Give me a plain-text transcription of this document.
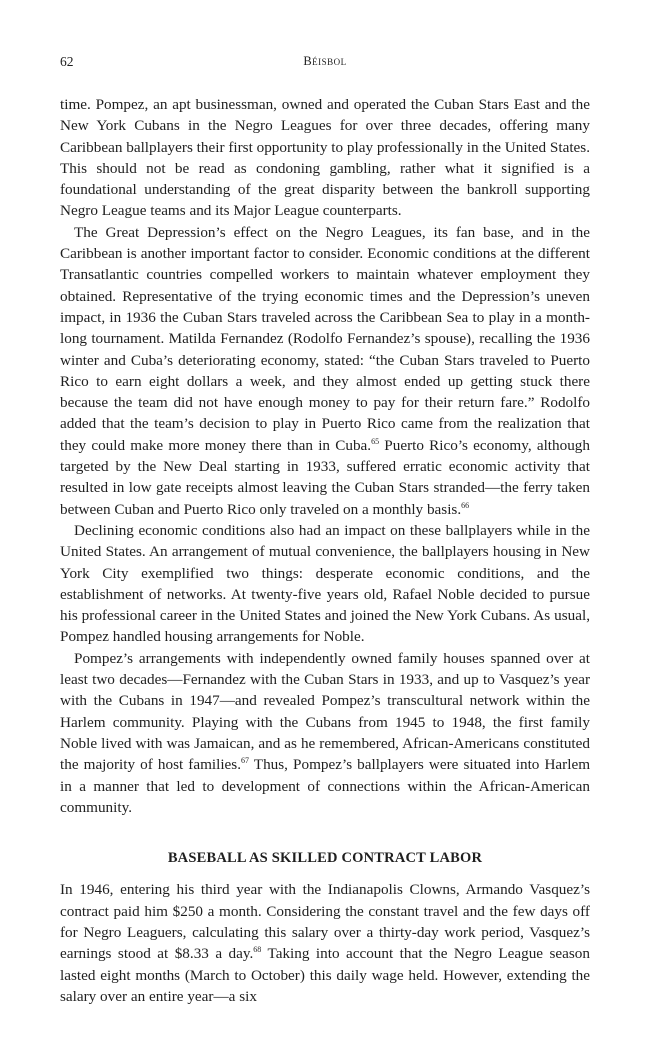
62	Béisbol

time. Pompez, an apt businessman, owned and operated the Cuban Stars East and the New York Cubans in the Negro Leagues for over three decades, offering many Caribbean ballplayers their first opportunity to play professionally in the United States. This should not be read as condoning gambling, rather what it signified is a foundational understanding of the great disparity between the bankroll supporting Negro League teams and its Major League counterparts.

The Great Depression’s effect on the Negro Leagues, its fan base, and in the Caribbean is another important factor to consider. Economic conditions at the different Transatlantic countries compelled workers to maintain whatever employment they obtained. Representative of the trying economic times and the Depression’s uneven impact, in 1936 the Cuban Stars traveled across the Caribbean Sea to play in a month-long tournament. Matilda Fernandez (Rodolfo Fernandez’s spouse), recalling the 1936 winter and Cuba’s deteriorating economy, stated: “the Cuban Stars traveled to Puerto Rico to earn eight dollars a week, and they almost ended up getting stuck there because the team did not have enough money to pay for their return fare.” Rodolfo added that the team’s decision to play in Puerto Rico came from the realization that they could make more money there than in Cuba.$^{65}$ Puerto Rico’s economy, although targeted by the New Deal starting in 1933, suffered erratic economic activity that resulted in low gate receipts almost leaving the Cuban Stars stranded—the ferry taken between Cuban and Puerto Rico only traveled on a monthly basis.$^{66}$

Declining economic conditions also had an impact on these ballplayers while in the United States. An arrangement of mutual convenience, the ballplayers housing in New York City exemplified two things: desperate economic conditions, and the establishment of networks. At twenty-five years old, Rafael Noble decided to pursue his professional career in the United States and joined the New York Cubans. As usual, Pompez handled housing arrangements for Noble.

Pompez’s arrangements with independently owned family houses spanned over at least two decades—Fernandez with the Cuban Stars in 1933, and up to Vasquez’s year with the Cubans in 1947—and revealed Pompez’s transcultural network within the Harlem community. Playing with the Cubans from 1945 to 1948, the first family Noble lived with was Jamaican, and as he remembered, African-Americans constituted the majority of host families.$^{67}$ Thus, Pompez’s ballplayers were situated into Harlem in a manner that led to development of connections within the African-American community.

BASEBALL AS SKILLED CONTRACT LABOR

In 1946, entering his third year with the Indianapolis Clowns, Armando Vasquez’s contract paid him $250 a month. Considering the constant travel and the few days off for Negro Leaguers, calculating this salary over a thirty-day work period, Vasquez’s earnings stood at $8.33 a day.$^{68}$ Taking into account that the Negro League season lasted eight months (March to October) this daily wage held. However, extending the salary over an entire year—a six
